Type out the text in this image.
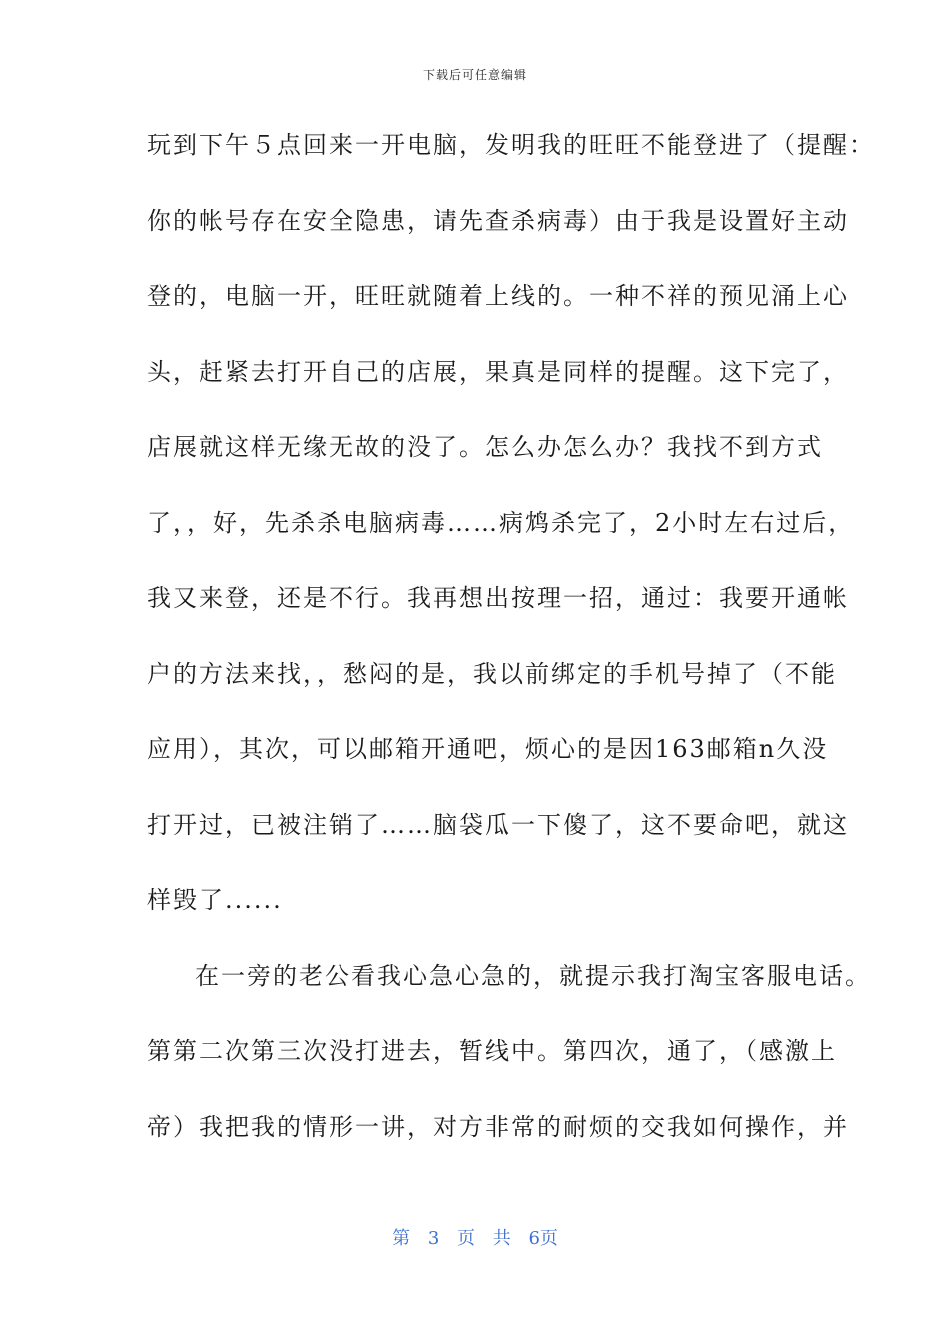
下载后可任意编辑
玩到下午５点回来一开电脑，发明我的旺旺不能登进了（提醒：
你的帐号存在安全隐患，请先查杀病毒）由于我是设置好主动
登的，电脑一开，旺旺就随着上线的。一种不祥的预见涌上心
头，赶紧去打开自己的店展，果真是同样的提醒。这下完了，
店展就这样无缘无故的没了。怎么办怎么办？我找不到方式
了，，好，先杀杀电脑病毒……病鸩杀完了，2小时左右过后，
我又来登，还是不行。我再想出按理一招，通过：我要开通帐
户的方法来找，，愁闷的是，我以前绑定的手机号掉了（不能
应用），其次，可以邮箱开通吧，烦心的是因163邮箱n久没
打开过，已被注销了……脑袋瓜一下傻了，这不要命吧，就这
样毁了......
在一旁的老公看我心急心急的，就提示我打淘宝客服电话。
第第二次第三次没打进去，暂线中。第四次，通了，（感激上
帝）我把我的情形一讲，对方非常的耐烦的交我如何操作，并
第 3 页 共 6页
